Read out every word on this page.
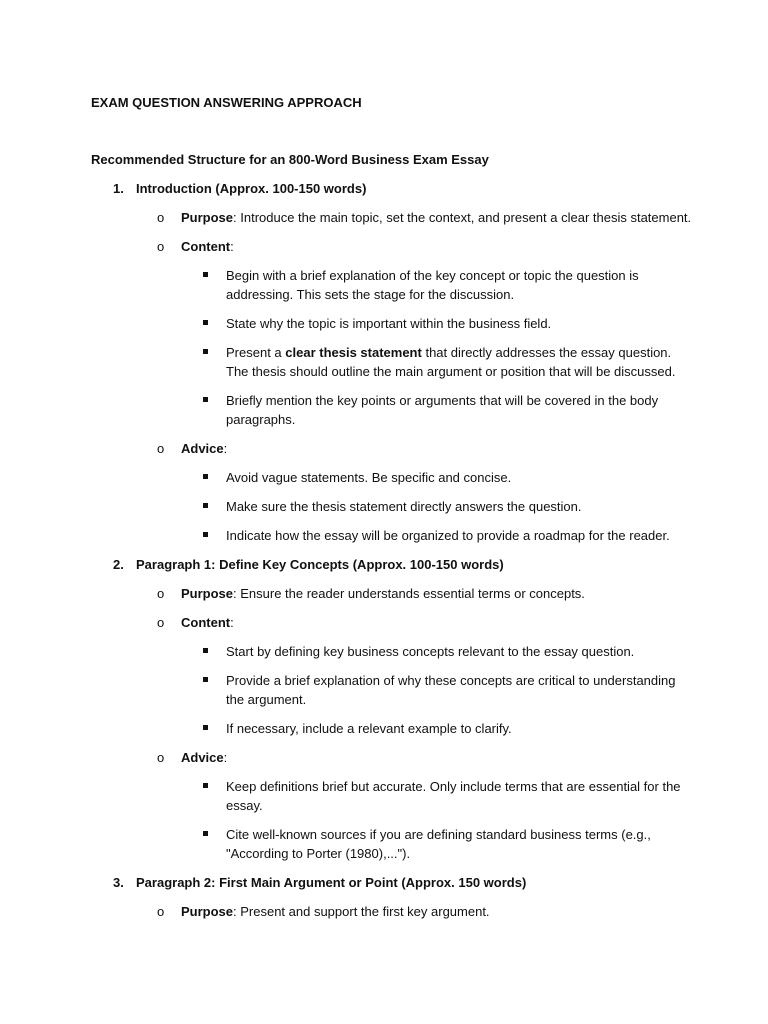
EXAM QUESTION ANSWERING APPROACH
Recommended Structure for an 800-Word Business Exam Essay
1. Introduction (Approx. 100-150 words)
o Purpose: Introduce the main topic, set the context, and present a clear thesis statement.
o Content:
Begin with a brief explanation of the key concept or topic the question is addressing. This sets the stage for the discussion.
State why the topic is important within the business field.
Present a clear thesis statement that directly addresses the essay question. The thesis should outline the main argument or position that will be discussed.
Briefly mention the key points or arguments that will be covered in the body paragraphs.
o Advice:
Avoid vague statements. Be specific and concise.
Make sure the thesis statement directly answers the question.
Indicate how the essay will be organized to provide a roadmap for the reader.
2. Paragraph 1: Define Key Concepts (Approx. 100-150 words)
o Purpose: Ensure the reader understands essential terms or concepts.
o Content:
Start by defining key business concepts relevant to the essay question.
Provide a brief explanation of why these concepts are critical to understanding the argument.
If necessary, include a relevant example to clarify.
o Advice:
Keep definitions brief but accurate. Only include terms that are essential for the essay.
Cite well-known sources if you are defining standard business terms (e.g., "According to Porter (1980),...").
3. Paragraph 2: First Main Argument or Point (Approx. 150 words)
o Purpose: Present and support the first key argument.
